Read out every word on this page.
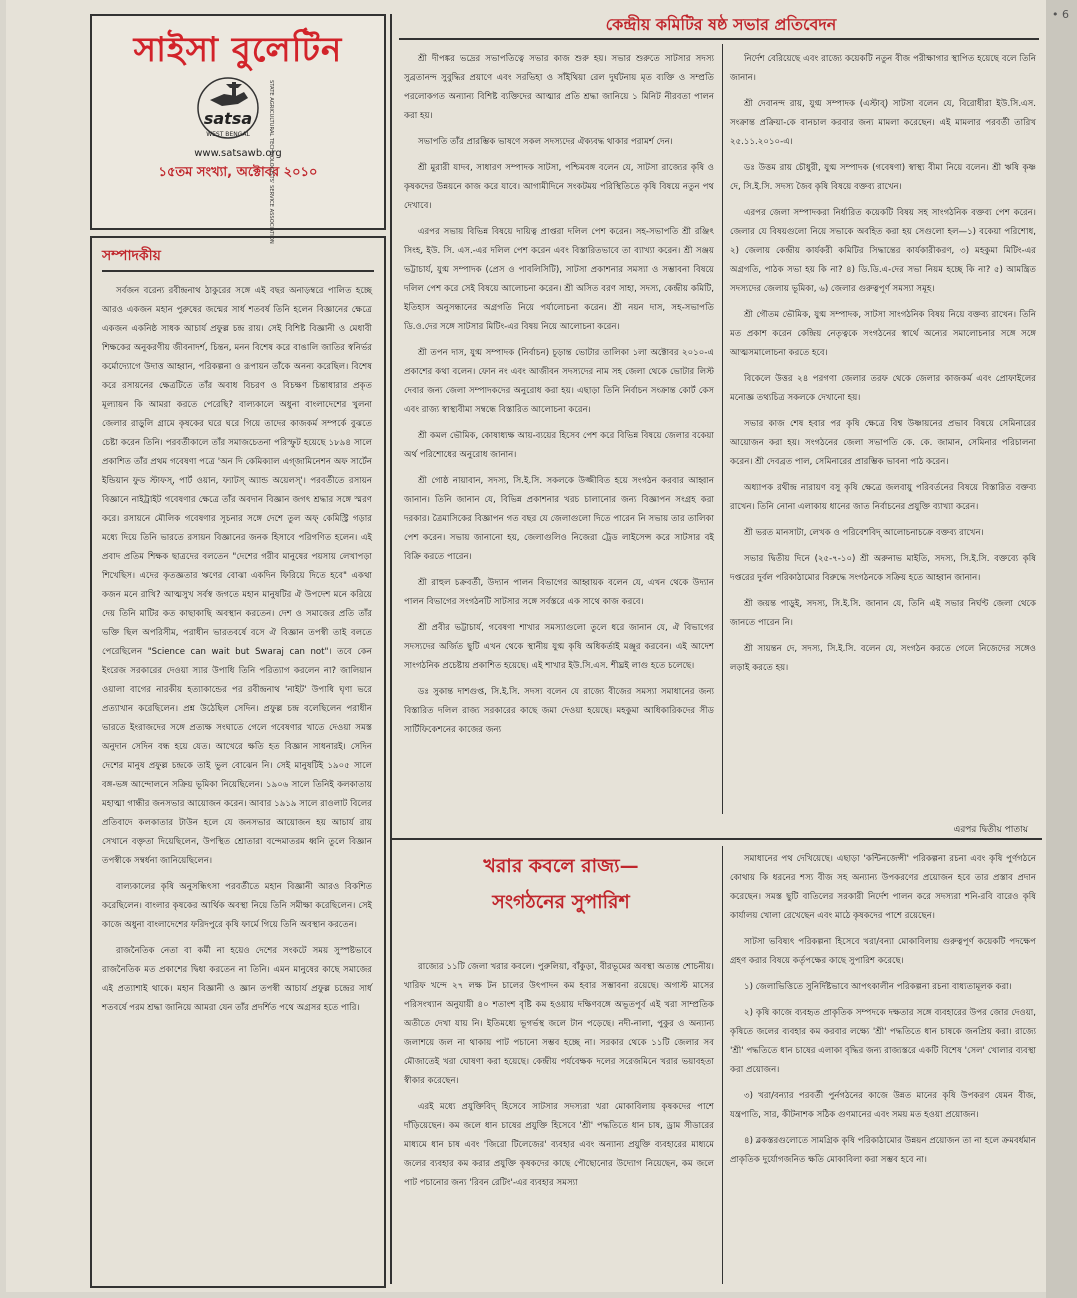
সাইসা বুলেটিন
satsa
WEST BENGAL	STATE AGRICULTURAL TECHNOLOGISTS' SERVICE ASSOCIATION
www.satsawb.org
১৫তম সংখ্যা, অক্টোবর ২০১০
সম্পাদকীয়

সর্বজন বরেন্য রবীন্দ্রনাথ ঠাকুরের সঙ্গে এই বছর অনাড়ম্বরে পালিত হচ্ছে আরও একজন মহান পুরুষের জন্মের সার্ধ শতবর্ষ তিনি হলেন বিজ্ঞানের ক্ষেত্রে একজন একনিষ্ঠ সাধক আচার্য প্রফুল্ল চন্দ্র রায়। সেই বিশিষ্ট বিজ্ঞানী ও মেধাবী শিক্ষকের অনুকরণীয় জীবনাদর্শ, চিন্তন, মনন বিশেষ করে বাঙালি জাতির স্বনির্ভর কর্মোদ্যোগে উদাত্ত আহ্বান, পরিকল্পনা ও রূপায়ন তাঁকে অনন্য করেছিল। বিশেষ করে রসায়নের ক্ষেত্রটিতে তাঁর অবাধ বিচরণ ও বিচক্ষণ চিন্তাধারার প্রকৃত মূল্যায়ন কি আমরা করতে পেরেছি? বাল্যকালে অধুনা বাংলাদেশের খুলনা জেলার রাড়ুলি গ্রামে কৃষকের ঘরে ঘরে গিয়ে তাদের কাজকর্ম সম্পর্কে বুঝতে চেষ্টা করেন তিনি। পরবর্তীকালে তাঁর সমাজচেতনা পরিস্ফুট হয়েছে ১৮৯৪ সালে প্রকাশিত তাঁর প্রথম গবেষণা পত্রে 'অন দি কেমিক্যাল এগ্‌জামিনেশন অফ সার্টেন ইন্ডিয়ান ফুড স্টাফস্‌, পার্ট ওয়ান, ফ্যাটস্‌ অ্যান্ড অয়েলস্‌'। পরবর্তীতে রসায়ন বিজ্ঞানে নাইট্রাইট গবেষণার ক্ষেত্রে তাঁর অবদান বিজ্ঞান জগৎ শ্রদ্ধার সঙ্গে স্মরণ করে। রসায়নে মৌলিক গবেষণার সূচনার সঙ্গে দেশে তুল অফ্‌ কেমিস্ট্রি গড়ার মধ্যে দিয়ে তিনি ভারতে রসায়ন বিজ্ঞানের জনক হিসাবে পরিগণিত হলেন। এই প্রবাদ প্রতিম শিক্ষক ছাত্রদের বলতেন "দেশের গরীব মানুষের পয়সায় লেখাপড়া শিখেছিস। এদের কৃতজ্ঞতার ঋণের বোঝা একদিন ফিরিয়ে দিতে হবে" একথা কজন মনে রাখি? আত্মসুখ সর্বস্ব জগতে মহান মানুষটির ঐ উপদেশ মনে করিয়ে দেয় তিনি মাটির কত কাছাকাছি অবস্থান করতেন। দেশ ও সমাজের প্রতি তাঁর ভক্তি ছিল অপরিসীম, পরাধীন ভারতবর্ষে বসে ঐ বিজ্ঞান তপস্বী তাই বলতে পেরেছিলেন "Science can wait but Swaraj can not"। তবে কেন ইংরেজ সরকারের দেওয়া স্যার উপাধি তিনি পরিত্যাগ করলেন না? জালিয়ান ওয়ালা বাগের নারকীয় হত্যাকান্ডের পর রবীন্দ্রনাথ 'নাইট' উপাধি ঘৃণা ভরে প্রত্যাখান করেছিলেন। প্রশ্ন উঠেছিল সেদিন। প্রফুল্ল চন্দ্র বলেছিলেন পরাধীন ভারতে ইংরাজদের সঙ্গে প্রত্যক্ষ সংঘাতে গেলে গবেষণার খাতে দেওয়া সমস্ত অনুদান সেদিন বন্ধ হয়ে যেত। আখেরে ক্ষতি হত বিজ্ঞান সাধনারই। সেদিন দেশের মানুষ প্রফুল্ল চন্দ্রকে তাই ভুল বোঝেন নি। সেই মানুষটিই ১৯০৫ সালে বঙ্গ-ভঙ্গ আন্দোলনে সক্রিয় ভূমিকা নিয়েছিলেন। ১৯০৬ সালে তিনিই কলকাতায় মহাত্মা গান্ধীর জনসভার আয়োজন করেন। আবার ১৯১৯ সালে রাওলাট বিলের প্রতিবাদে কলকাতার টাউন হলে যে জনসভার আয়োজন হয় আচার্য রায় সেখানে বক্তৃতা দিয়েছিলেন, উপস্থিত শ্রোতারা বন্দেমাতরম ধ্বনি তুলে বিজ্ঞান তপস্বীকে সম্বর্ধনা জানিয়েছিলেন।

বাল্যকালের কৃষি অনুসন্ধিৎসা পরবর্তীতে মহান বিজ্ঞানী আরও বিকশিত করেছিলেন। বাংলার কৃষকের আর্থিক অবস্থা নিয়ে তিনি সমীক্ষা করেছিলেন। সেই কাজে অধুনা বাংলাদেশের ফরিদপুরে কৃষি ফার্মে গিয়ে তিনি অবস্থান করতেন।

রাজনৈতিক নেতা বা কর্মী না হয়েও দেশের সংকটে সময় সুস্পষ্টভাবে রাজনৈতিক মত প্রকাশের দ্বিধা করতেন না তিনি। এমন মানুষের কাছে সমাজের এই প্রত্যাশাই থাকে। মহান বিজ্ঞানী ও জ্ঞান তপস্বী আচার্য প্রফুল্ল চন্দ্রের সার্ধ শতবর্ষে পরম শ্রদ্ধা জানিয়ে আমরা যেন তাঁর প্রদর্শিত পথে অগ্রসর হতে পারি।

কেন্দ্রীয় কমিটির ষষ্ঠ সভার প্রতিবেদন

শ্রী দীপঙ্কর ভদ্রের সভাপতিত্বে সভার কাজ শুরু হয়। সভার শুরুতে সাটসার সদস্য সুব্রতানন্দ সুবুদ্ধির প্রয়াণে এবং সরভিহা ও সাঁইথিয়া রেল দুর্ঘটনায় মৃত ব্যক্তি ও সম্প্রতি পরলোকগত অন্যান্য বিশিষ্ট ব্যক্তিদের আত্মার প্রতি শ্রদ্ধা জানিয়ে ১ মিনিট নীরবতা পালন করা হয়।

সভাপতি তাঁর প্রারম্ভিক ভাষণে সকল সদস্যদের ঐক্যবদ্ধ থাকার পরামর্শ দেন।

শ্রী মুরারী যাদব, সাধারণ সম্পাদক সাটসা, পশ্চিমবঙ্গ বলেন যে, সাটসা রাজ্যের কৃষি ও কৃষকদের উন্নয়নে কাজ করে যাবে। আগামীদিনে সংকটময় পরিস্থিতিতে কৃষি বিষয়ে নতুন পথ দেখাবে।

এরপর সভায় বিভিন্ন বিষয়ে দায়িত্ব প্রাপ্তরা দলিল পেশ করেন। সহ-সভাপতি শ্রী রঞ্জিৎ সিংহ, ইউ. সি. এস.-এর দলিল পেশ করেন এবং বিস্তারিতভাবে তা ব্যাখ্যা করেন। শ্রী সঞ্জয় ভট্টাচার্য, যুগ্ম সম্পাদক (প্রেস ও পাবলিসিটি), সাটসা প্রকাশনার সমস্যা ও সম্ভাবনা বিষয়ে দলিল পেশ করে সেই বিষয়ে আলোচনা করেন। শ্রী অসিত বরণ সাহা, সদস্য, কেন্দ্রীয় কমিটি, ইতিহাস অনুসন্ধানের অগ্রগতি নিয়ে পর্যালোচনা করেন। শ্রী নয়ন দাস, সহ-সভাপতি ডি.ও.দের সঙ্গে সাটসার মিটিং-এর বিষয় নিয়ে আলোচনা করেন।

শ্রী তপন দাস, যুগ্ম সম্পাদক (নির্বাচন) চূড়ান্ত ভোটার তালিকা ১লা অক্টোবর ২০১০-এ প্রকাশের কথা বলেন। ফোন নং এবং আজীবন সদস্যদের নাম সহ জেলা থেকে ভোটার লিস্ট দেবার জন্য জেলা সম্পাদকদের অনুরোধ করা হয়। এছাড়া তিনি নির্বাচন সংক্রান্ত কোর্ট কেস এবং রাজ্য স্বাস্থ্যবীমা সম্বন্ধে বিস্তারিত আলোচনা করেন।

শ্রী কমল ভৌমিক, কোষাধ্যক্ষ আয়-ব্যয়ের হিসেব পেশ করে বিভিন্ন বিষয়ে জেলার বকেয়া অর্থ পরিশোধের অনুরোধ জানান।

শ্রী গোষ্ঠ নায়াবান, সদস্য, সি.ই.সি. সকলকে উজ্জীবিত হয়ে সংগঠন করবার আহ্বান জানান। তিনি জানান যে, বিভিন্ন প্রকাশনার খরচ চালানোর জন্য বিজ্ঞাপন সংগ্রহ করা দরকার। ত্রৈমাসিকের বিজ্ঞাপন গত বছর যে জেলাগুলো দিতে পারেন নি সভায় তার তালিকা পেশ করেন। সভায় জানানো হয়, জেলাগুলিও নিজেরা ট্রেড লাইসেন্স করে সাটসার বই বিক্রি করতে পারেন।

শ্রী রাহুল চক্রবর্তী, উদ্যান পালন বিভাগের আহ্বায়ক বলেন যে, এখন থেকে উদ্যান পালন বিভাগের সংগঠনটি সাটসার সঙ্গে সর্বস্তরে এক সাথে কাজ করবে।

শ্রী প্রবীর ভট্টাচার্য, গবেষণা শাখার সমস্যাগুলো তুলে ধরে জানান যে, ঐ বিভাগের সদস্যদের অর্জিত ছুটি এখন থেকে স্থানীয় যুগ্ম কৃষি অধিকর্তাই মঞ্জুর করবেন। এই আদেশ সাংগঠনিক প্রচেষ্টায় প্রকাশিত হয়েছে। এই শাখার ইউ.সি.এস. শীঘ্রই লাগু হতে চলেছে।

ডঃ সুকান্ত দাশগুপ্ত, সি.ই.সি. সদস্য বলেন যে রাজ্যে বীজের সমস্যা সমাধানের জন্য বিস্তারিত দলিল রাজ্য সরকারের কাছে জমা দেওয়া হয়েছে। মহকুমা আধিকারিকদের সীড সার্টিফিকেশনের কাজের জন্য

নির্দেশ বেরিয়েছে এবং রাজ্যে কয়েকটি নতুন বীজ পরীক্ষাগার স্থাপিত হয়েছে বলে তিনি জানান।

শ্রী দেবানন্দ রায়, যুগ্ম সম্পাদক (এস্টাব্) সাটসা বলেন যে, বিরোধীরা ইউ.সি.এস. সংক্রান্ত প্রক্রিয়া-কে বানচাল করবার জন্য মামলা করেছেন। এই মামলার পরবর্তী তারিখ ২৫.১১.২০১০-এ।

ডঃ উত্তম রায় চৌধুরী, যুগ্ম সম্পাদক (গবেষণা) স্বাস্থ্য বীমা নিয়ে বলেন। শ্রী ঋষি কৃষ্ণ দে, সি.ই.সি. সদস্য জৈব কৃষি বিষয়ে বক্তব্য রাখেন।

এরপর জেলা সম্পাদকরা নির্ধারিত কয়েকটি বিষয় সহ সাংগঠনিক বক্তব্য পেশ করেন। জেলার যে বিষয়গুলো নিয়ে সভাকে অবহিত করা হয় সেগুলো হল—১) বকেয়া পরিশোধ, ২) জেলায় কেন্দ্রীয় কার্যকরী কমিটির সিদ্ধান্তের কার্যকারীকরণ, ৩) মহকুমা মিটিং-এর অগ্রগতি, পাঠক সভা হয় কি না? ৪) ডি.ডি.এ-দের সভা নিয়ম হচ্ছে কি না? ৫) আমন্ত্রিত সদস্যদের জেলায় ভূমিকা, ৬) জেলার গুরুত্বপূর্ণ সমস্যা সমূহ।

শ্রী গৌতম ভৌমিক, যুগ্ম সম্পাদক, সাটসা সাংগঠনিক বিষয় নিয়ে বক্তব্য রাখেন। তিনি মত প্রকাশ করেন কেন্দ্রিয় নেতৃত্বকে সংগঠনের স্বার্থে অন্যের সমালোচনার সঙ্গে সঙ্গে আত্মসমালোচনা করতে হবে।

বিকেলে উত্তর ২৪ পরগণা জেলার তরফ থেকে জেলার কাজকর্ম এবং প্রোফাইলের মনোজ্ঞ তথ্যচিত্র সকলকে দেখানো হয়।

সভার কাজ শেষ হবার পর কৃষি ক্ষেত্রে বিশ্ব উষ্ণায়নের প্রভাব বিষয়ে সেমিনারের আয়োজন করা হয়। সংগঠনের জেলা সভাপতি কে. কে. জামান, সেমিনার পরিচালনা করেন। শ্রী দেবব্রত পাল, সেমিনারের প্রারম্ভিক ভাবনা পাঠ করেন।

অধ্যাপক রথীন্দ্র নারায়ণ বসু কৃষি ক্ষেত্রে জলবায়ু পরিবর্তনের বিষয়ে বিস্তারিত বক্তব্য রাখেন। তিনি নোনা এলাকায় ধানের জাত নির্বাচনের প্রযুক্তি ব্যাখ্যা করেন।

শ্রী ভরত মানসাটা, লেখক ও পরিবেশবিদ্ আলোচনাচক্রে বক্তব্য রাখেন।

সভার দ্বিতীয় দিনে (২৫-৭-১০) শ্রী অরুনাভ মাইতি, সদস্য, সি.ই.সি. বক্তব্যে কৃষি দপ্তরের দুর্বল পরিকাঠামোর বিরুদ্ধে সংগঠনকে সক্রিয় হতে আহ্বান জানান।

শ্রী জয়ন্ত পাড়ুই, সদস্য, সি.ই.সি. জানান যে, তিনি এই সভার নির্ঘণ্ট জেলা থেকে জানতে পারেন নি।

শ্রী সায়ন্তন দে, সদস্য, সি.ই.সি. বলেন যে, সংগঠন করতে গেলে নিজেদের সঙ্গেও লড়াই করতে হয়।

এরপর দ্বিতীয় পাতায়
খরার কবলে রাজ্য—
সংগঠনের সুপারিশ

রাজ্যের ১১টি জেলা খরার কবলে। পুরুলিয়া, বাঁকুড়া, বীরভূমের অবস্থা অত্যন্ত শোচনীয়। খারিফ খন্দে ২৭ লক্ষ টন চালের উৎপাদন কম হবার সম্ভাবনা রয়েছে। অগাস্ট মাসের পরিসংখ্যান অনুযায়ী ৪০ শতাংশ বৃষ্টি কম হওয়ায় দক্ষিণবঙ্গে অভূতপূর্ব এই খরা সাম্প্রতিক অতীতে দেখা যায় নি। ইতিমধ্যে ভূগর্ভস্থ জলে টান পড়েছে। নদী-নালা, পুকুর ও অন্যান্য জলাশয়ে জল না থাকায় পাট পচানো সম্ভব হচ্ছে না। সরকার থেকে ১১টি জেলার সব মৌজাতেই খরা ঘোষণা করা হয়েছে। কেন্দ্রীয় পর্যবেক্ষক দলের সরেজমিনে খরার ভয়াবহতা স্বীকার করেছেন।

এরই মধ্যে প্রযুক্তিবিদ্ হিসেবে সাটসার সদস্যরা খরা মোকাবিলায় কৃষকদের পাশে দাঁড়িয়েছেন। কম জলে ধান চাষের প্রযুক্তি হিসেবে 'শ্রী' পদ্ধতিতে ধান চাষ, ড্রাম সীডারের মাধ্যমে ধান চাষ এবং 'জিরো টিলেজের' ব্যবহার এবং অন্যান্য প্রযুক্তি ব্যবহারের মাধ্যমে জলের ব্যবহার কম করার প্রযুক্তি কৃষকদের কাছে পৌছোনোর উদ্যোগ নিয়েছেন, কম জলে পাট পচানোর জন্য 'রিবন রেটিং'-এর ব্যবহার সমস্যা

সমাধানের পথ দেখিয়েছে। এছাড়া 'কন্টিনজেন্সী' পরিকল্পনা রচনা এবং কৃষি পুর্ণগঠনে কোথায় কি ধরনের শস্য বীজ সহ অন্যান্য উপকরণের প্রয়োজন হবে তার প্রস্তাব প্রদান করেছেন। সমস্ত ছুটি বাতিলের সরকারী নির্দেশ পালন করে সদস্যরা শনি-রবি বারেও কৃষি কার্যালয় খোলা রেখেছেন এবং মাঠে কৃষকদের পাশে রয়েছেন।

সাটসা ভবিষ্যৎ পরিকল্পনা হিসেবে খরা/বন্যা মোকাবিলায় গুরুত্বপূর্ণ কয়েকটি পদক্ষেপ গ্রহণ করার বিষয়ে কর্তৃপক্ষের কাছে সুপারিশ করেছে।

১) জেলাভিত্তিতে সুনির্দিষ্টভাবে আপৎকালীন পরিকল্পনা রচনা বাধ্যতামূলক করা।

২) কৃষি কাজে ব্যবহৃত প্রাকৃতিক সম্পদকে দক্ষতার সঙ্গে ব্যবহারের উপর জোর দেওয়া, কৃষিতে জলের ব্যবহার কম করবার লক্ষ্যে 'শ্রী' পদ্ধতিতে ধান চাষকে জনপ্রিয় করা। রাজ্যে 'শ্রী' পদ্ধতিতে ধান চাষের এলাকা বৃদ্ধির জন্য রাজ্যস্তরে একটি বিশেষ 'সেল' খোলার ব্যবস্থা করা প্রয়োজন।

৩) খরা/বন্যার পরবর্তী পুর্নগঠনের কাজে উন্নত মানের কৃষি উপকরণ যেমন বীজ, যন্ত্রপাতি, সার, কীটনাশক সঠিক গুণমানের এবং সময় মত হওয়া প্রয়োজন।

৪) ব্লকস্তরগুলোতে সামগ্রিক কৃষি পরিকাঠামোর উন্নয়ন প্রয়োজন তা না হলে ক্রমবর্ধমান প্রাকৃতিক দুর্যোগজনিত ক্ষতি মোকাবিলা করা সম্ভব হবে না।

• 6
